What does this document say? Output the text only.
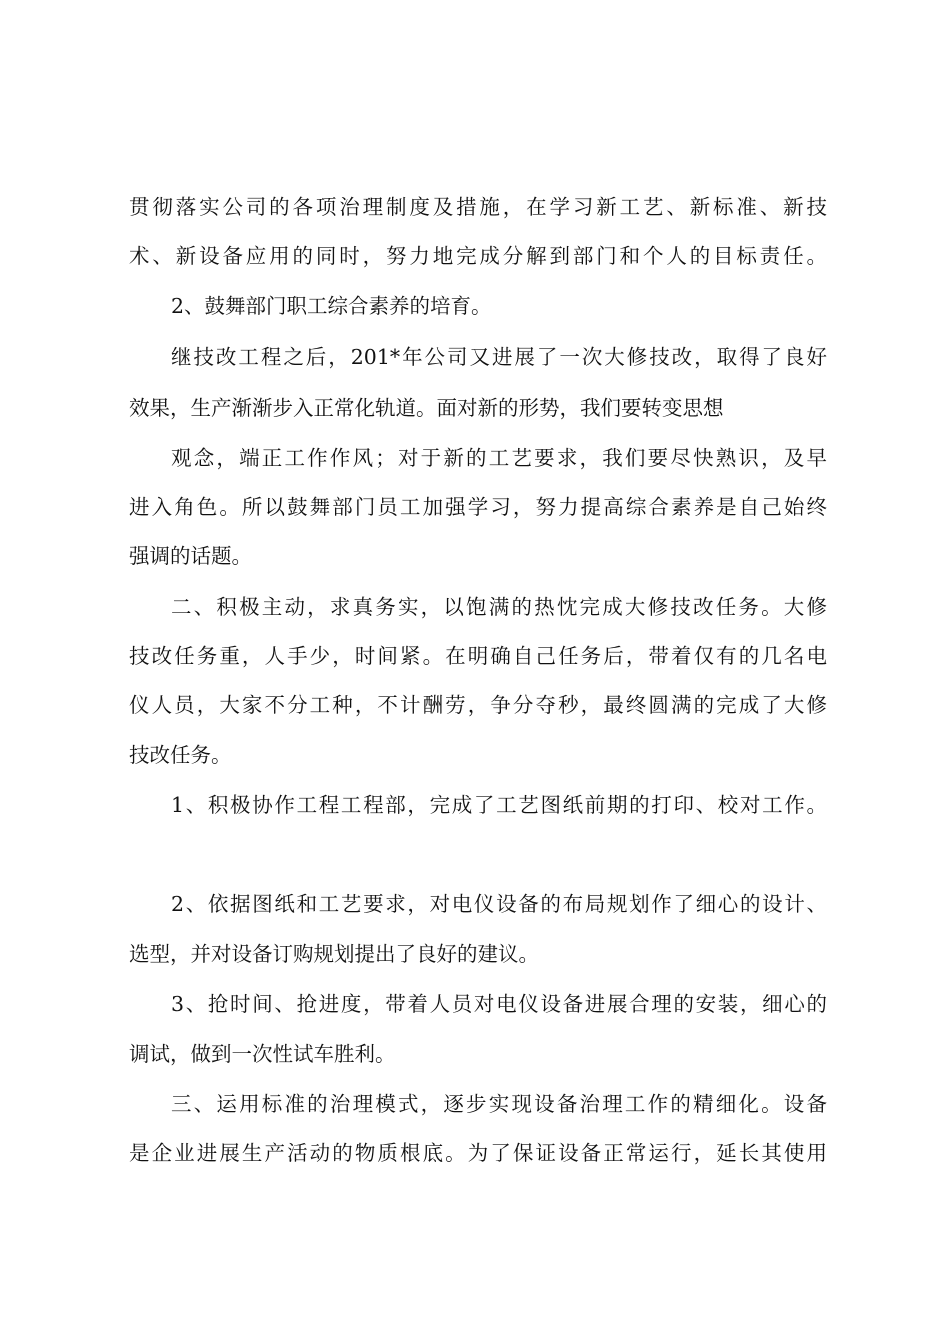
贯彻落实公司的各项治理制度及措施，在学习新工艺、新标准、新技
术、新设备应用的同时，努力地完成分解到部门和个人的目标责任。
2、鼓舞部门职工综合素养的培育。
继技改工程之后，201*年公司又进展了一次大修技改，取得了良好
效果，生产渐渐步入正常化轨道。面对新的形势，我们要转变思想
观念，端正工作作风；对于新的工艺要求，我们要尽快熟识，及早
进入角色。所以鼓舞部门员工加强学习，努力提高综合素养是自己始终
强调的话题。
二、积极主动，求真务实，以饱满的热忱完成大修技改任务。大修
技改任务重，人手少，时间紧。在明确自己任务后，带着仅有的几名电
仪人员，大家不分工种，不计酬劳，争分夺秒，最终圆满的完成了大修
技改任务。
1、积极协作工程工程部，完成了工艺图纸前期的打印、校对工作。
2、依据图纸和工艺要求，对电仪设备的布局规划作了细心的设计、
选型，并对设备订购规划提出了良好的建议。
3、抢时间、抢进度，带着人员对电仪设备进展合理的安装，细心的
调试，做到一次性试车胜利。
三、运用标准的治理模式，逐步实现设备治理工作的精细化。设备
是企业进展生产活动的物质根底。为了保证设备正常运行，延长其使用
